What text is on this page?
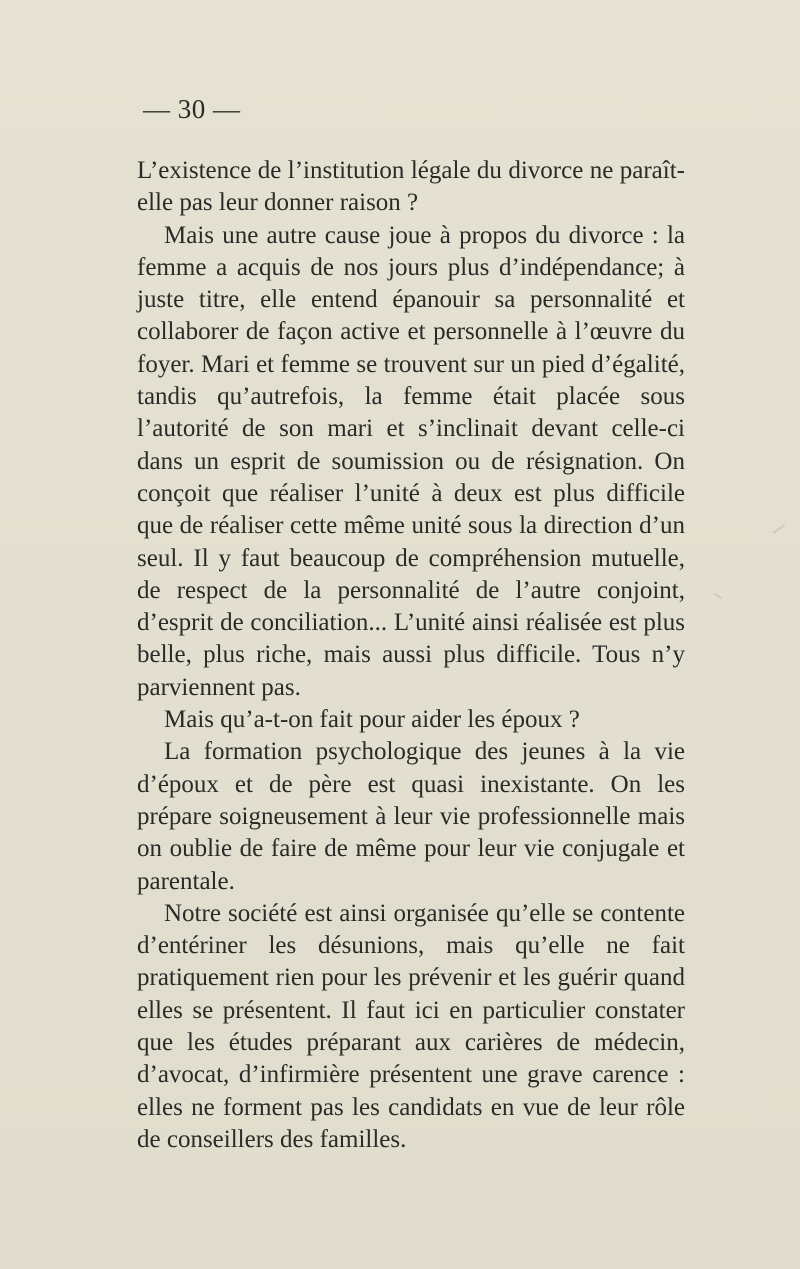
— 30 —

L’existence de l’institution légale du divorce ne paraît-elle pas leur donner raison ?

Mais une autre cause joue à propos du divorce : la femme a acquis de nos jours plus d’indépendance; à juste titre, elle entend épanouir sa personnalité et collaborer de façon active et personnelle à l’œuvre du foyer. Mari et femme se trouvent sur un pied d’égalité, tandis qu’autrefois, la femme était placée sous l’autorité de son mari et s’inclinait devant celle-ci dans un esprit de soumission ou de résignation. On conçoit que réaliser l’unité à deux est plus difficile que de réaliser cette même unité sous la direction d’un seul. Il y faut beaucoup de compréhension mutuelle, de respect de la personnalité de l’autre conjoint, d’esprit de conciliation... L’unité ainsi réalisée est plus belle, plus riche, mais aussi plus difficile. Tous n’y parviennent pas.

Mais qu’a-t-on fait pour aider les époux ?

La formation psychologique des jeunes à la vie d’époux et de père est quasi inexistante. On les prépare soigneusement à leur vie professionnelle mais on oublie de faire de même pour leur vie conjugale et parentale.

Notre société est ainsi organisée qu’elle se contente d’entériner les désunions, mais qu’elle ne fait pratiquement rien pour les prévenir et les guérir quand elles se présentent. Il faut ici en particulier constater que les études préparant aux carières de médecin, d’avocat, d’infirmière présentent une grave carence : elles ne forment pas les candidats en vue de leur rôle de conseillers des familles.
